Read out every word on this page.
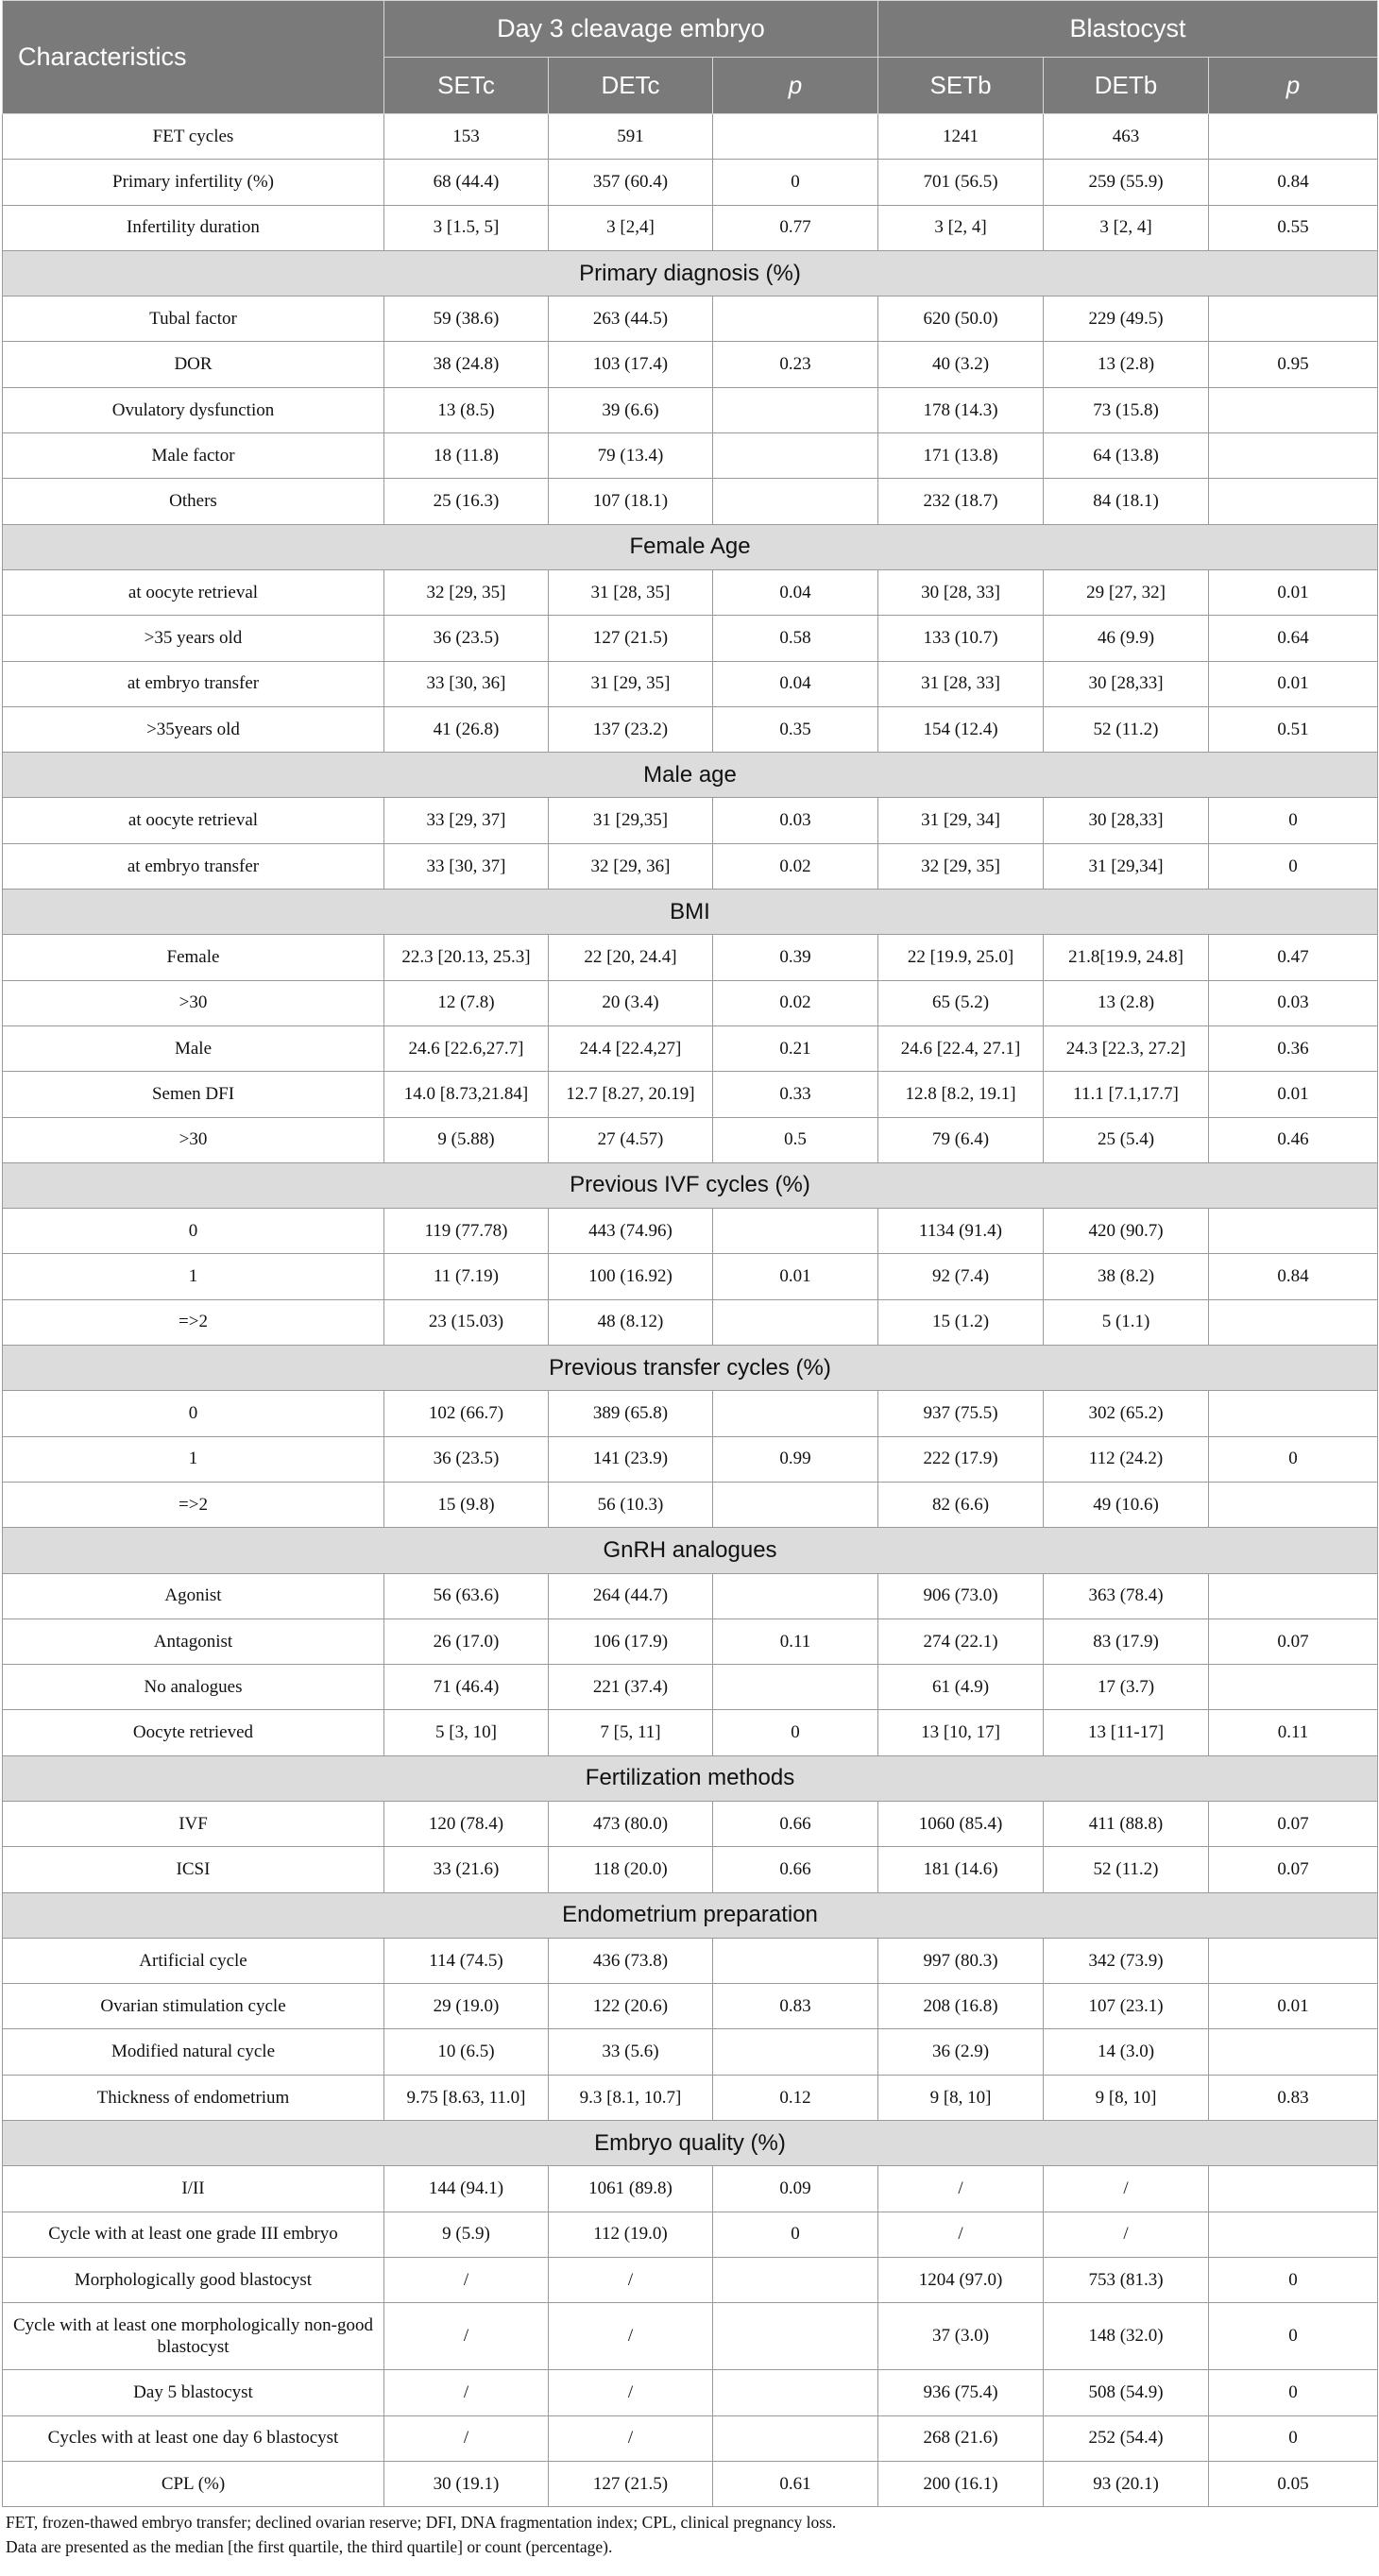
Characteristics	Day 3 cleavage embryo			Blastocyst		
	SETc	DETc	p	SETb	DETb	p
FET cycles	153	591		1241	463	
Primary infertility (%)	68 (44.4)	357 (60.4)	0	701 (56.5)	259 (55.9)	0.84
Infertility duration	3 [1.5, 5]	3 [2,4]	0.77	3 [2, 4]	3 [2, 4]	0.55
Primary diagnosis (%)						
Tubal factor	59 (38.6)	263 (44.5)		620 (50.0)	229 (49.5)	
DOR	38 (24.8)	103 (17.4)	0.23	40 (3.2)	13 (2.8)	0.95
Ovulatory dysfunction	13 (8.5)	39 (6.6)		178 (14.3)	73 (15.8)	
Male factor	18 (11.8)	79 (13.4)		171 (13.8)	64 (13.8)	
Others	25 (16.3)	107 (18.1)		232 (18.7)	84 (18.1)	
Female Age						
at oocyte retrieval	32 [29, 35]	31 [28, 35]	0.04	30 [28, 33]	29 [27, 32]	0.01
>35 years old	36 (23.5)	127 (21.5)	0.58	133 (10.7)	46 (9.9)	0.64
at embryo transfer	33 [30, 36]	31 [29, 35]	0.04	31 [28, 33]	30 [28,33]	0.01
>35years old	41 (26.8)	137 (23.2)	0.35	154 (12.4)	52 (11.2)	0.51
Male age						
at oocyte retrieval	33 [29, 37]	31 [29,35]	0.03	31 [29, 34]	30 [28,33]	0
at embryo transfer	33 [30, 37]	32 [29, 36]	0.02	32 [29, 35]	31 [29,34]	0
BMI						
Female	22.3 [20.13, 25.3]	22 [20, 24.4]	0.39	22 [19.9, 25.0]	21.8[19.9, 24.8]	0.47
>30	12 (7.8)	20 (3.4)	0.02	65 (5.2)	13 (2.8)	0.03
Male	24.6 [22.6,27.7]	24.4 [22.4,27]	0.21	24.6 [22.4, 27.1]	24.3 [22.3, 27.2]	0.36
Semen DFI	14.0 [8.73,21.84]	12.7 [8.27, 20.19]	0.33	12.8 [8.2, 19.1]	11.1 [7.1,17.7]	0.01
>30	9 (5.88)	27 (4.57)	0.5	79 (6.4)	25 (5.4)	0.46
Previous IVF cycles (%)						
0	119 (77.78)	443 (74.96)		1134 (91.4)	420 (90.7)	
1	11 (7.19)	100 (16.92)	0.01	92 (7.4)	38 (8.2)	0.84
=>2	23 (15.03)	48 (8.12)		15 (1.2)	5 (1.1)	
Previous transfer cycles (%)						
0	102 (66.7)	389 (65.8)		937 (75.5)	302 (65.2)	
1	36 (23.5)	141 (23.9)	0.99	222 (17.9)	112 (24.2)	0
=>2	15 (9.8)	56 (10.3)		82 (6.6)	49 (10.6)	
GnRH analogues						
Agonist	56 (63.6)	264 (44.7)		906 (73.0)	363 (78.4)	
Antagonist	26 (17.0)	106 (17.9)	0.11	274 (22.1)	83 (17.9)	0.07
No analogues	71 (46.4)	221 (37.4)		61 (4.9)	17 (3.7)	
Oocyte retrieved	5 [3, 10]	7 [5, 11]	0	13 [10, 17]	13 [11-17]	0.11
Fertilization methods						
IVF	120 (78.4)	473 (80.0)	0.66	1060 (85.4)	411 (88.8)	0.07
ICSI	33 (21.6)	118 (20.0)	0.66	181 (14.6)	52 (11.2)	0.07
Endometrium preparation						
Artificial cycle	114 (74.5)	436 (73.8)		997 (80.3)	342 (73.9)	
Ovarian stimulation cycle	29 (19.0)	122 (20.6)	0.83	208 (16.8)	107 (23.1)	0.01
Modified natural cycle	10 (6.5)	33 (5.6)		36 (2.9)	14 (3.0)	
Thickness of endometrium	9.75 [8.63, 11.0]	9.3 [8.1, 10.7]	0.12	9 [8, 10]	9 [8, 10]	0.83
Embryo quality (%)						
I/II	144 (94.1)	1061 (89.8)	0.09	/	/	
Cycle with at least one grade III embryo	9 (5.9)	112 (19.0)	0	/	/	
Morphologically good blastocyst	/	/		1204 (97.0)	753 (81.3)	0
Cycle with at least one morphologically non-good blastocyst	/	/		37 (3.0)	148 (32.0)	0
Day 5 blastocyst	/	/		936 (75.4)	508 (54.9)	0
Cycles with at least one day 6 blastocyst	/	/		268 (21.6)	252 (54.4)	0
CPL (%)	30 (19.1)	127 (21.5)	0.61	200 (16.1)	93 (20.1)	0.05
FET, frozen-thawed embryo transfer; declined ovarian reserve; DFI, DNA fragmentation index; CPL, clinical pregnancy loss.
Data are presented as the median [the first quartile, the third quartile] or count (percentage).
